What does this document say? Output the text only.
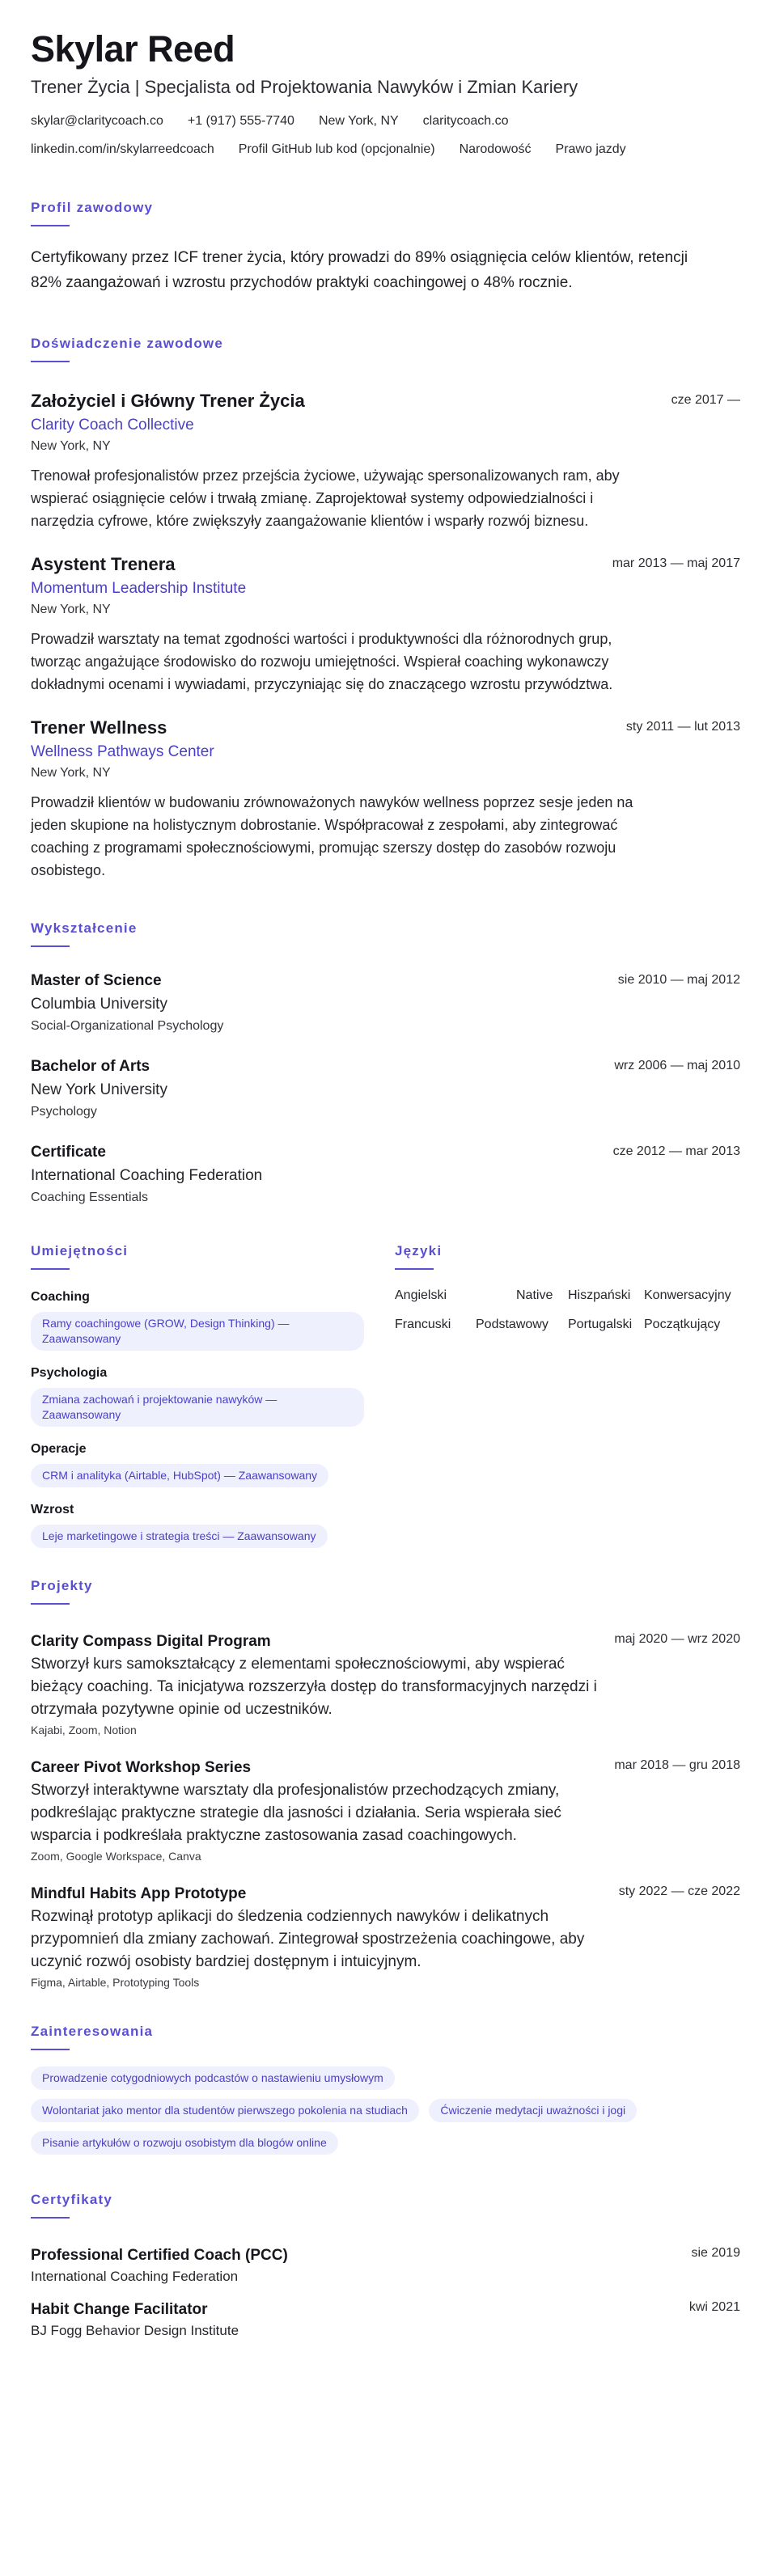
Skylar Reed
Trener Życia | Specjalista od Projektowania Nawyków i Zmian Kariery
skylar@claritycoach.co +1 (917) 555-7740 New York, NY claritycoach.co
linkedin.com/in/skylarreedcoach Profil GitHub lub kod (opcjonalnie) Narodowość Prawo jazdy
Profil zawodowy
Certyfikowany przez ICF trener życia, który prowadzi do 89% osiągnięcia celów klientów, retencji 82% zaangażowań i wzrostu przychodów praktyki coachingowej o 48% rocznie.
Doświadczenie zawodowe
Założyciel i Główny Trener Życia
Clarity Coach Collective
New York, NY
Trenował profesjonalistów przez przejścia życiowe, używając spersonalizowanych ram, aby wspierać osiągnięcie celów i trwałą zmianę. Zaprojektował systemy odpowiedzialności i narzędzia cyfrowe, które zwiększyły zaangażowanie klientów i wsparły rozwój biznesu.
cze 2017 —
Asystent Trenera
Momentum Leadership Institute
New York, NY
Prowadził warsztaty na temat zgodności wartości i produktywności dla różnorodnych grup, tworząc angażujące środowisko do rozwoju umiejętności. Wspierał coaching wykonawczy dokładnymi ocenami i wywiadami, przyczyniając się do znaczącego wzrostu przywództwa.
mar 2013 — maj 2017
Trener Wellness
Wellness Pathways Center
New York, NY
Prowadził klientów w budowaniu zrównoważonych nawyków wellness poprzez sesje jeden na jeden skupione na holistycznym dobrostanie. Współpracował z zespołami, aby zintegrować coaching z programami społecznościowymi, promując szerszy dostęp do zasobów rozwoju osobistego.
sty 2011 — lut 2013
Wykształcenie
Master of Science
Columbia University
Social-Organizational Psychology
sie 2010 — maj 2012
Bachelor of Arts
New York University
Psychology
wrz 2006 — maj 2010
Certificate
International Coaching Federation
Coaching Essentials
cze 2012 — mar 2013
Umiejętności
Coaching
Ramy coachingowe (GROW, Design Thinking) — Zaawansowany
Psychologia
Zmiana zachowań i projektowanie nawyków — Zaawansowany
Operacje
CRM i analityka (Airtable, HubSpot) — Zaawansowany
Wzrost
Leje marketingowe i strategia treści — Zaawansowany
Języki
Angielski	Native Hiszpański Konwersacyjny
Francuski Podstawowy Portugalski Początkujący
Projekty
Clarity Compass Digital Program
Stworzył kurs samokształcący z elementami społecznościowymi, aby wspierać bieżący coaching. Ta inicjatywa rozszerzyła dostęp do transformacyjnych narzędzi i otrzymała pozytywne opinie od uczestników.
Kajabi, Zoom, Notion
maj 2020 — wrz 2020
Career Pivot Workshop Series
Stworzył interaktywne warsztaty dla profesjonalistów przechodzących zmiany, podkreślając praktyczne strategie dla jasności i działania. Seria wspierała sieć wsparcia i podkreślała praktyczne zastosowania zasad coachingowych.
Zoom, Google Workspace, Canva
mar 2018 — gru 2018
Mindful Habits App Prototype
Rozwinął prototyp aplikacji do śledzenia codziennych nawyków i delikatnych przypomnień dla zmiany zachowań. Zintegrował spostrzeżenia coachingowe, aby uczynić rozwój osobisty bardziej dostępnym i intuicyjnym.
Figma, Airtable, Prototyping Tools
sty 2022 — cze 2022
Zainteresowania
Prowadzenie cotygodniowych podcastów o nastawieniu umysłowym
Wolontariat jako mentor dla studentów pierwszego pokolenia na studiach	Ćwiczenie medytacji uważności i jogi
Pisanie artykułów o rozwoju osobistym dla blogów online
Certyfikaty
Professional Certified Coach (PCC)
International Coaching Federation
sie 2019
Habit Change Facilitator
BJ Fogg Behavior Design Institute
kwi 2021
